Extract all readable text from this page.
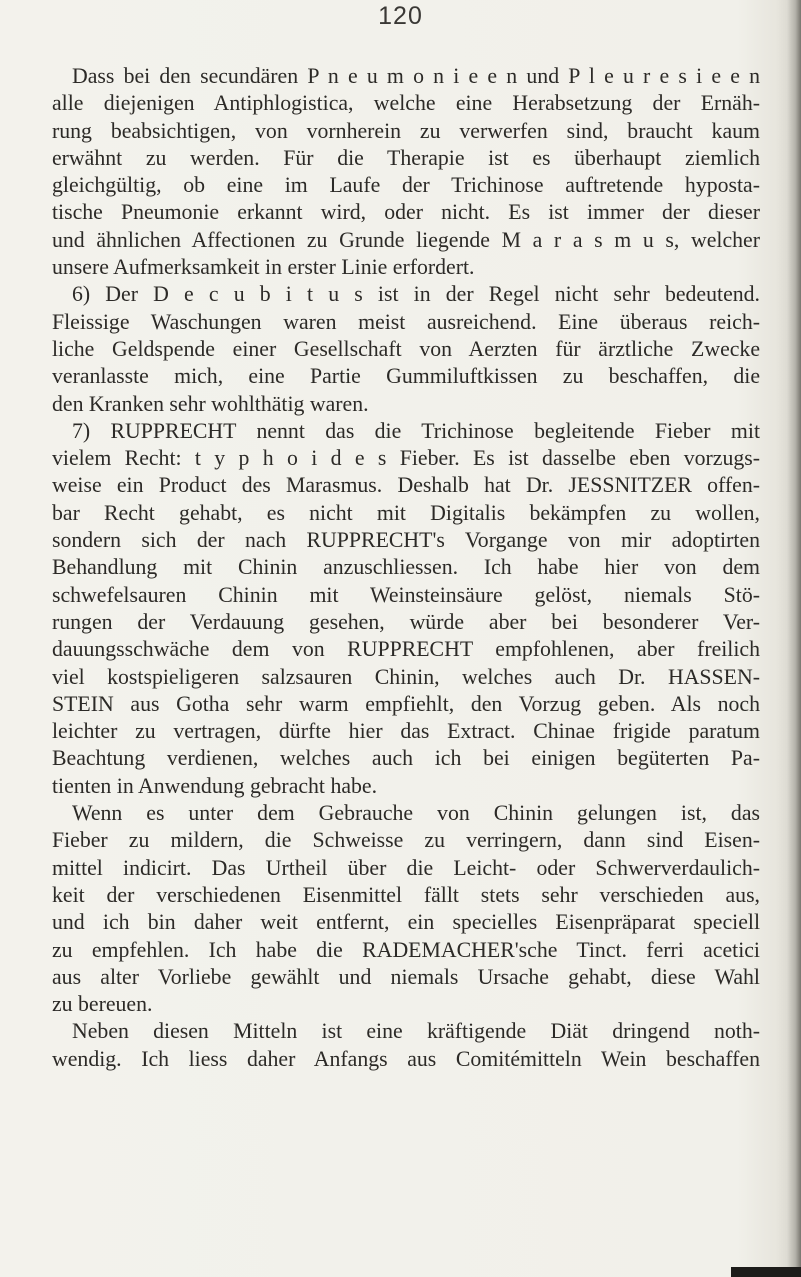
120
Dass bei den secundären P n e u m o n i e e n und P l e u r e s i e e n
alle diejenigen Antiphlogistica, welche eine Herabsetzung der Ernäh-
rung beabsichtigen, von vornherein zu verwerfen sind, braucht kaum
erwähnt zu werden. Für die Therapie ist es überhaupt ziemlich
gleichgültig, ob eine im Laufe der Trichinose auftretende hyposta-
tische Pneumonie erkannt wird, oder nicht. Es ist immer der dieser
und ähnlichen Affectionen zu Grunde liegende M a r a s m u s, welcher
unsere Aufmerksamkeit in erster Linie erfordert.
6) Der D e c u b i t u s ist in der Regel nicht sehr bedeutend.
Fleissige Waschungen waren meist ausreichend. Eine überaus reich-
liche Geldspende einer Gesellschaft von Aerzten für ärztliche Zwecke
veranlasste mich, eine Partie Gummiluftkissen zu beschaffen, die
den Kranken sehr wohlthätig waren.
7) RUPPRECHT nennt das die Trichinose begleitende Fieber mit
vielem Recht: t y p h o i d e s Fieber. Es ist dasselbe eben vorzugs-
weise ein Product des Marasmus. Deshalb hat Dr. JESSNITZER offen-
bar Recht gehabt, es nicht mit Digitalis bekämpfen zu wollen,
sondern sich der nach RUPPRECHT's Vorgange von mir adoptirten
Behandlung mit Chinin anzuschliessen. Ich habe hier von dem
schwefelsauren Chinin mit Weinsteinsäure gelöst, niemals Stö-
rungen der Verdauung gesehen, würde aber bei besonderer Ver-
dauungsschwäche dem von RUPPRECHT empfohlenen, aber freilich
viel kostspieligeren salzsauren Chinin, welches auch Dr. HASSEN-
STEIN aus Gotha sehr warm empfiehlt, den Vorzug geben. Als noch
leichter zu vertragen, dürfte hier das Extract. Chinae frigide paratum
Beachtung verdienen, welches auch ich bei einigen begüterten Pa-
tienten in Anwendung gebracht habe.
Wenn es unter dem Gebrauche von Chinin gelungen ist, das
Fieber zu mildern, die Schweisse zu verringern, dann sind Eisen-
mittel indicirt. Das Urtheil über die Leicht- oder Schwerverdaulich-
keit der verschiedenen Eisenmittel fällt stets sehr verschieden aus,
und ich bin daher weit entfernt, ein specielles Eisenpräparat speciell
zu empfehlen. Ich habe die RADEMACHER'sche Tinct. ferri acetici
aus alter Vorliebe gewählt und niemals Ursache gehabt, diese Wahl
zu bereuen.
Neben diesen Mitteln ist eine kräftigende Diät dringend noth-
wendig. Ich liess daher Anfangs aus Comitémitteln Wein beschaffen
